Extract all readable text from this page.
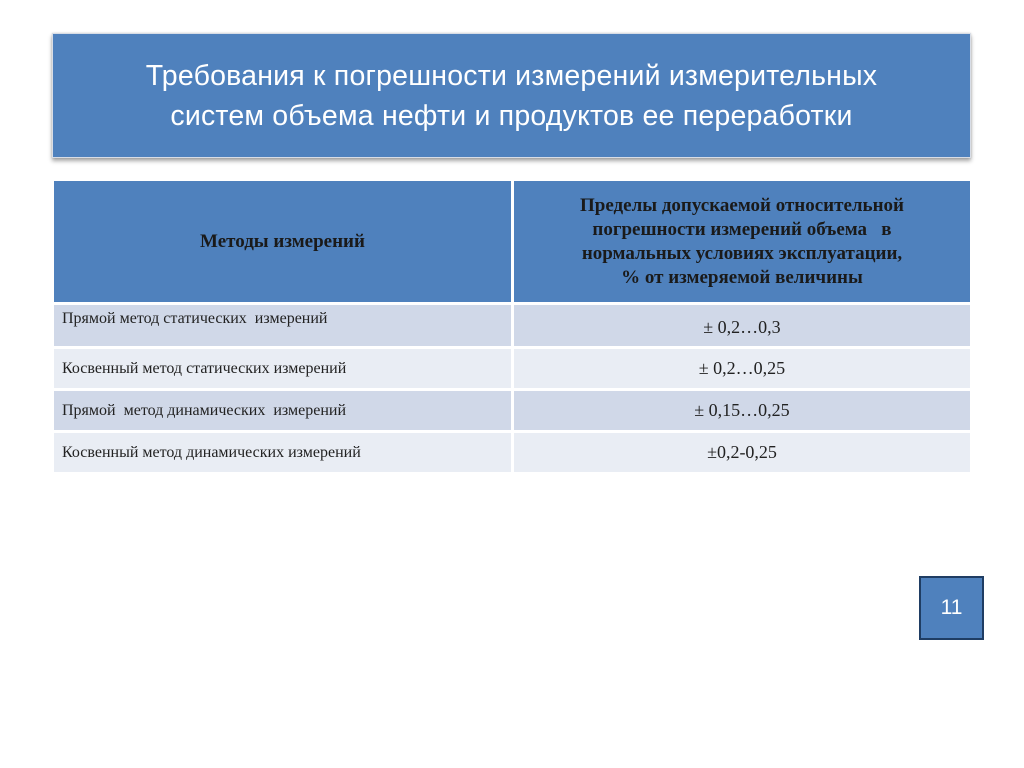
Требования к погрешности измерений измерительных
систем объема нефти и продуктов ее переработки
Методы измерений	Пределы допускаемой относительной
погрешности измерений объема   в
нормальных условиях эксплуатации,
% от измеряемой величины

Прямой метод статических  измерений	± 0,2…0,3
Косвенный метод статических измерений	± 0,2…0,25
Прямой  метод динамических  измерений	± 0,15…0,25
Косвенный метод динамических измерений	±0,2-0,25
11
